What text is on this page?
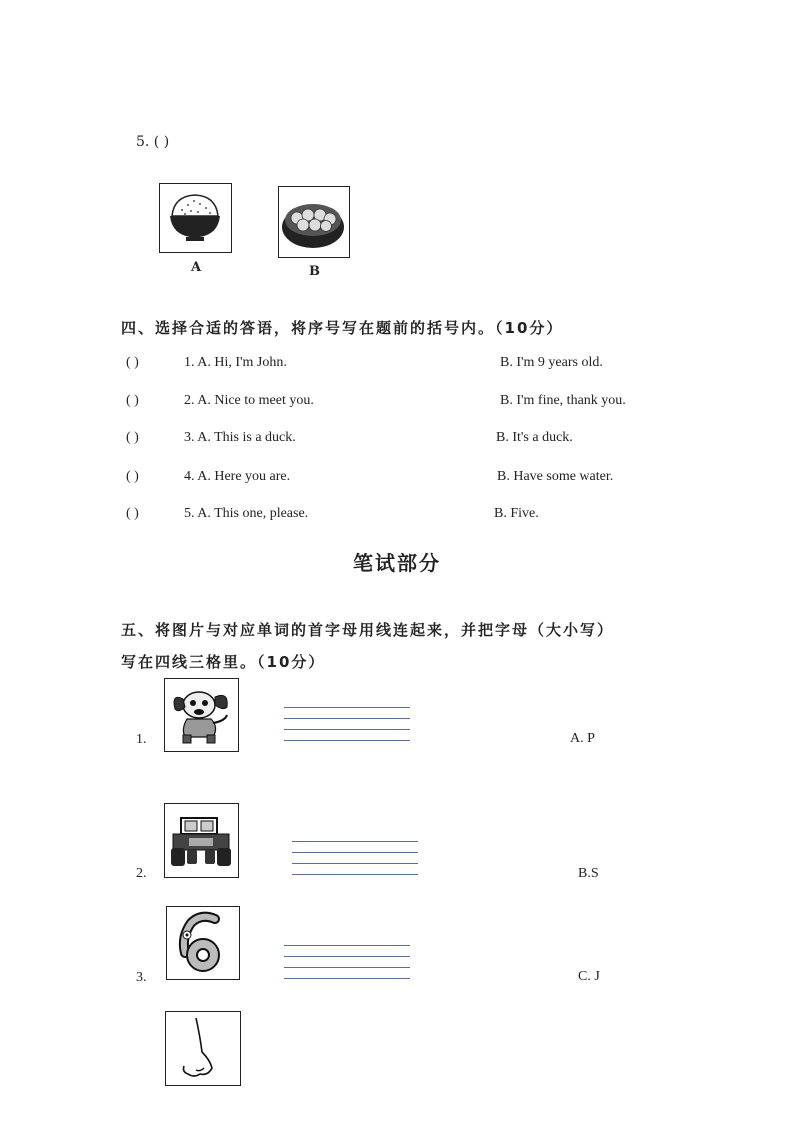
5. ( )
A	B
四、选择合适的答语，将序号写在题前的括号内。（10分）
( )	1. A. Hi, I'm John.	B. I'm 9 years old.
( )	2. A. Nice to meet you.	B. I'm fine, thank you.
( )	3. A. This is a duck.	B. It's a duck.
( )	4. A. Here you are.	B. Have some water.
( )	5. A. This one, please.	B. Five.
笔试部分
五、将图片与对应单词的首字母用线连起来，并把字母（大小写）
写在四线三格里。（10分）
1.	A. P
2.	B.S
3.	C. J
